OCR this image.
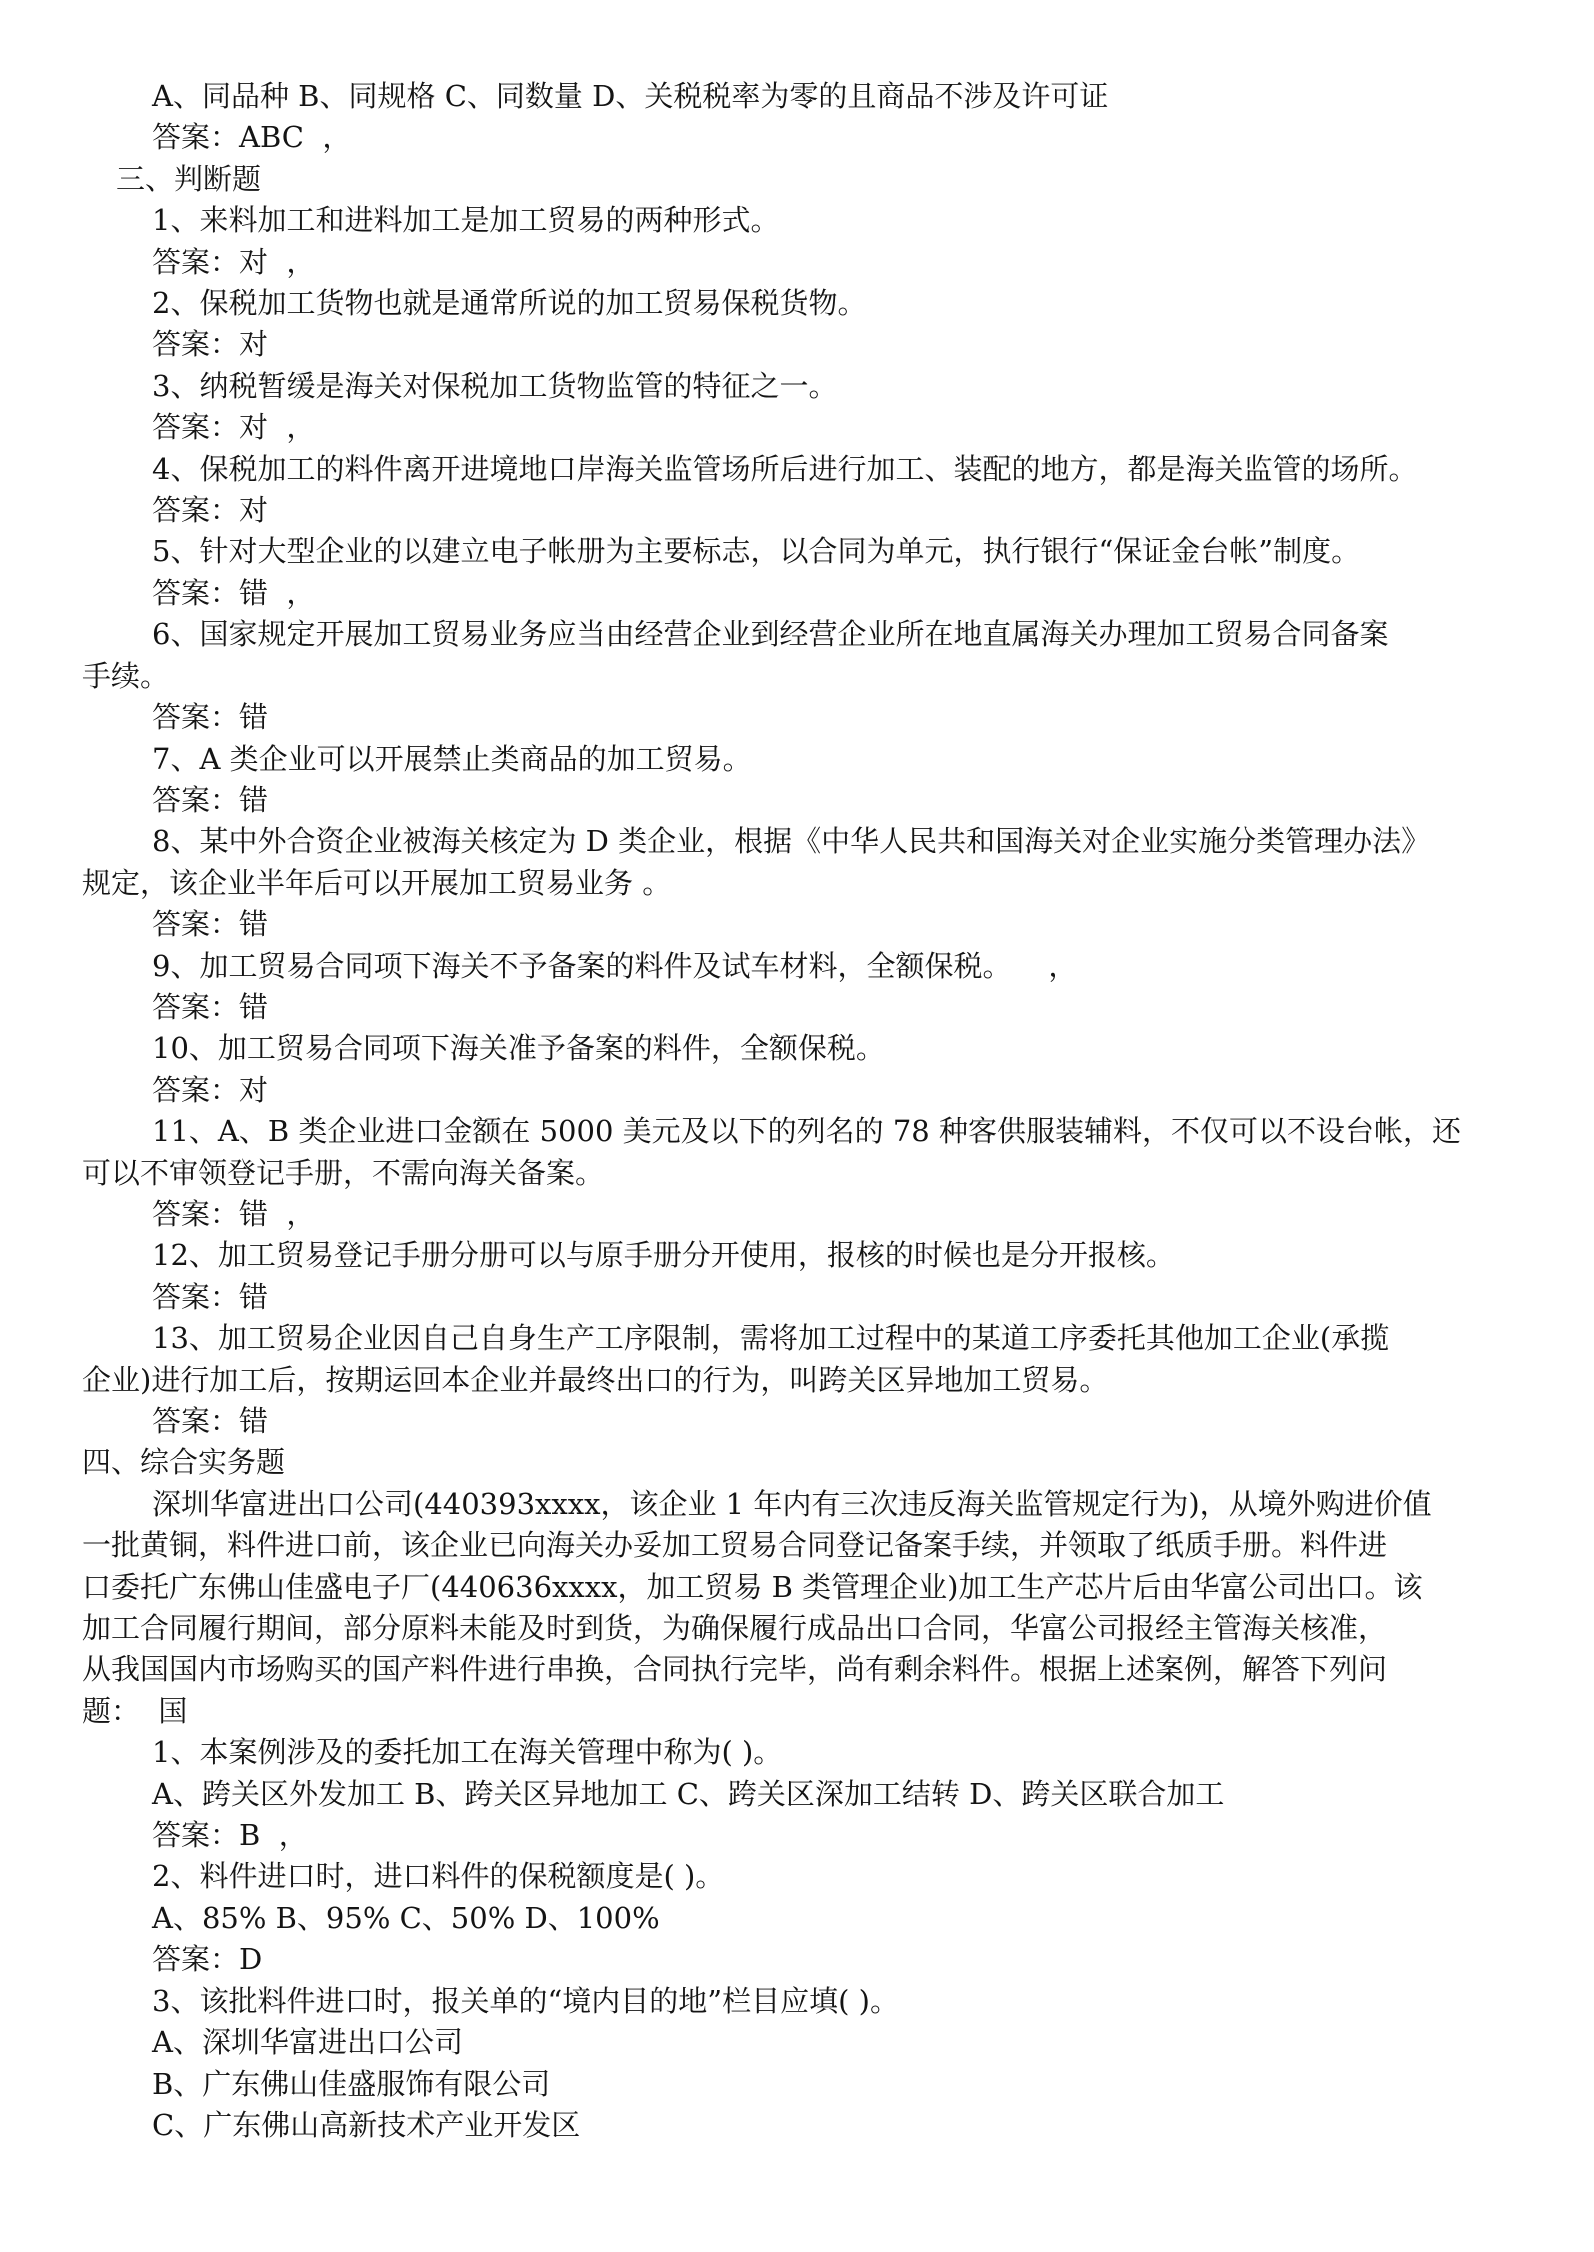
A、同品种 B、同规格 C、同数量 D、关税税率为零的且商品不涉及许可证
答案：ABC  ，
三、判断题
1、来料加工和进料加工是加工贸易的两种形式。
答案：对  ，
2、保税加工货物也就是通常所说的加工贸易保税货物。
答案：对
3、纳税暂缓是海关对保税加工货物监管的特征之一。
答案：对  ，
4、保税加工的料件离开进境地口岸海关监管场所后进行加工、装配的地方，都是海关监管的场所。
答案：对
5、针对大型企业的以建立电子帐册为主要标志，以合同为单元，执行银行“保证金台帐”制度。
答案：错  ，
6、国家规定开展加工贸易业务应当由经营企业到经营企业所在地直属海关办理加工贸易合同备案
手续。
答案：错
7、A 类企业可以开展禁止类商品的加工贸易。
答案：错
8、某中外合资企业被海关核定为 D 类企业，根据《中华人民共和国海关对企业实施分类管理办法》
规定，该企业半年后可以开展加工贸易业务 。
答案：错
9、加工贸易合同项下海关不予备案的料件及试车材料，全额保税。    ，
答案：错
10、加工贸易合同项下海关准予备案的料件，全额保税。
答案：对
11、A、B 类企业进口金额在 5000 美元及以下的列名的 78 种客供服装辅料，不仅可以不设台帐，还
可以不审领登记手册，不需向海关备案。
答案：错  ，
12、加工贸易登记手册分册可以与原手册分开使用，报核的时候也是分开报核。
答案：错
13、加工贸易企业因自己自身生产工序限制，需将加工过程中的某道工序委托其他加工企业(承揽
企业)进行加工后，按期运回本企业并最终出口的行为，叫跨关区异地加工贸易。
答案：错
四、综合实务题
深圳华富进出口公司(440393xxxx，该企业 1 年内有三次违反海关监管规定行为)，从境外购进价值
一批黄铜，料件进口前，该企业已向海关办妥加工贸易合同登记备案手续，并领取了纸质手册。料件进
口委托广东佛山佳盛电子厂(440636xxxx，加工贸易 B 类管理企业)加工生产芯片后由华富公司出口。该
加工合同履行期间，部分原料未能及时到货，为确保履行成品出口合同，华富公司报经主管海关核准，
从我国国内市场购买的国产料件进行串换，合同执行完毕，尚有剩余料件。根据上述案例，解答下列问
题：  国
1、本案例涉及的委托加工在海关管理中称为( )。
A、跨关区外发加工 B、跨关区异地加工 C、跨关区深加工结转 D、跨关区联合加工
答案：B  ，
2、料件进口时，进口料件的保税额度是( )。
A、85% B、95% C、50% D、100%
答案：D
3、该批料件进口时，报关单的“境内目的地”栏目应填( )。
A、深圳华富进出口公司
B、广东佛山佳盛服饰有限公司
C、广东佛山高新技术产业开发区
